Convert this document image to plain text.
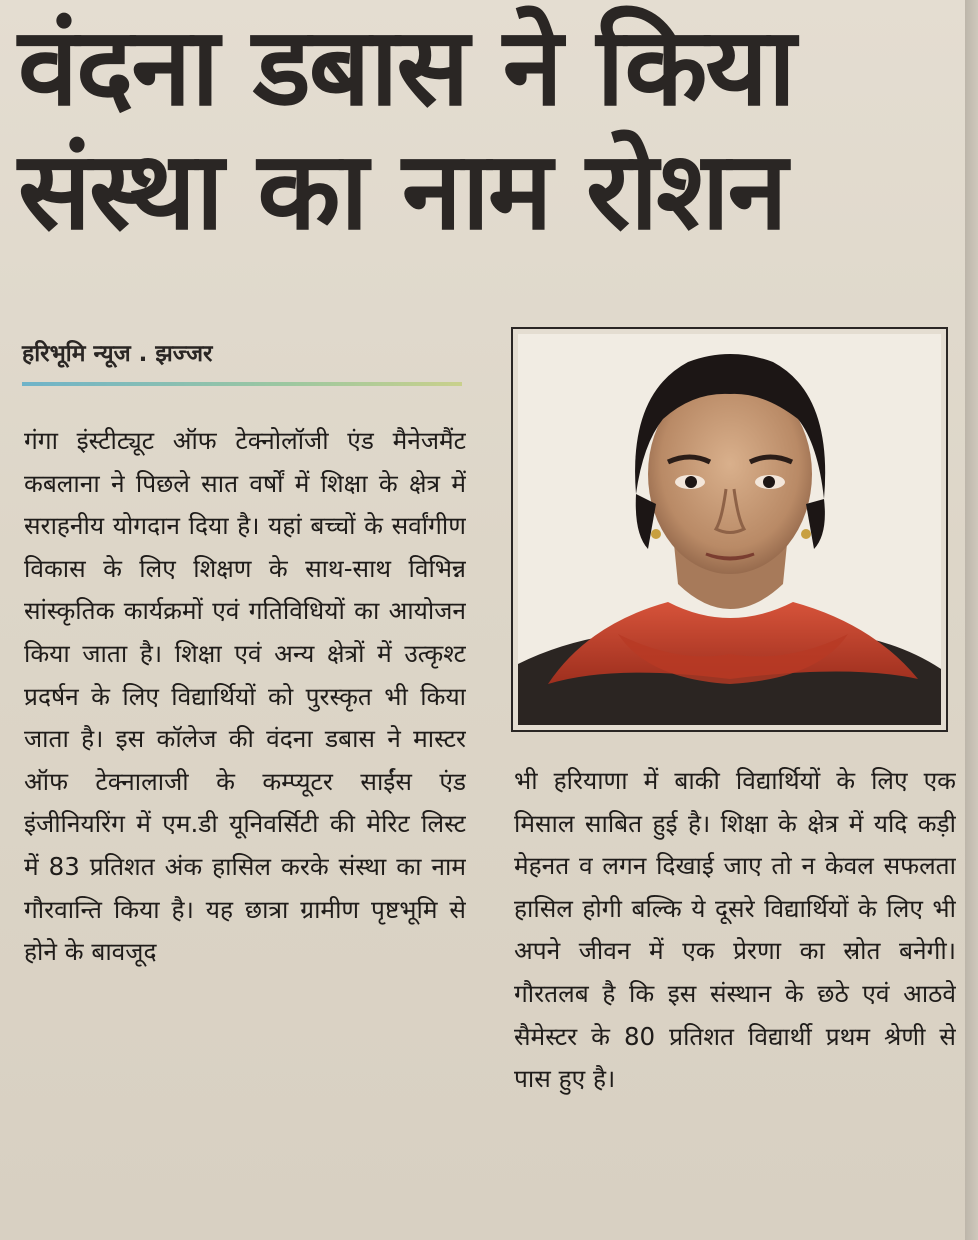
वंदना डबास ने किया
संस्था का नाम रोशन

हरिभूमि न्यूज . झज्जर

गंगा इंस्टीट्यूट ऑफ टेक्नोलॉजी एंड मैनेजमैंट कबलाना ने पिछले सात वर्षों में शिक्षा के क्षेत्र में सराहनीय योगदान दिया है। यहां बच्चों के सर्वांगीण विकास के लिए शिक्षण के साथ-साथ विभिन्न सांस्कृतिक कार्यक्रमों एवं गतिविधियों का आयोजन किया जाता है। शिक्षा एवं अन्य क्षेत्रों में उत्कृश्ट प्रदर्षन के लिए विद्यार्थियों को पुरस्कृत भी किया जाता है। इस कॉलेज की वंदना डबास ने मास्टर ऑफ टेक्नालाजी के कम्प्यूटर साईंस एंड इंजीनियरिंग में एम.डी यूनिवर्सिटी की मेरिट लिस्ट में 83 प्रतिशत अंक हासिल करके संस्था का नाम गौरवान्ति किया है। यह छात्रा ग्रामीण पृष्टभूमि से होने के बावजूद

भी हरियाणा में बाकी विद्यार्थियों के लिए एक मिसाल साबित हुई है। शिक्षा के क्षेत्र में यदि कड़ी मेहनत व लगन दिखाई जाए तो न केवल सफलता हासिल होगी बल्कि ये दूसरे विद्यार्थियों के लिए भी अपने जीवन में एक प्रेरणा का स्रोत बनेगी। गौरतलब है कि इस संस्थान के छठे एवं आठवे सैमेस्टर के 80 प्रतिशत विद्यार्थी प्रथम श्रेणी से पास हुए है।
